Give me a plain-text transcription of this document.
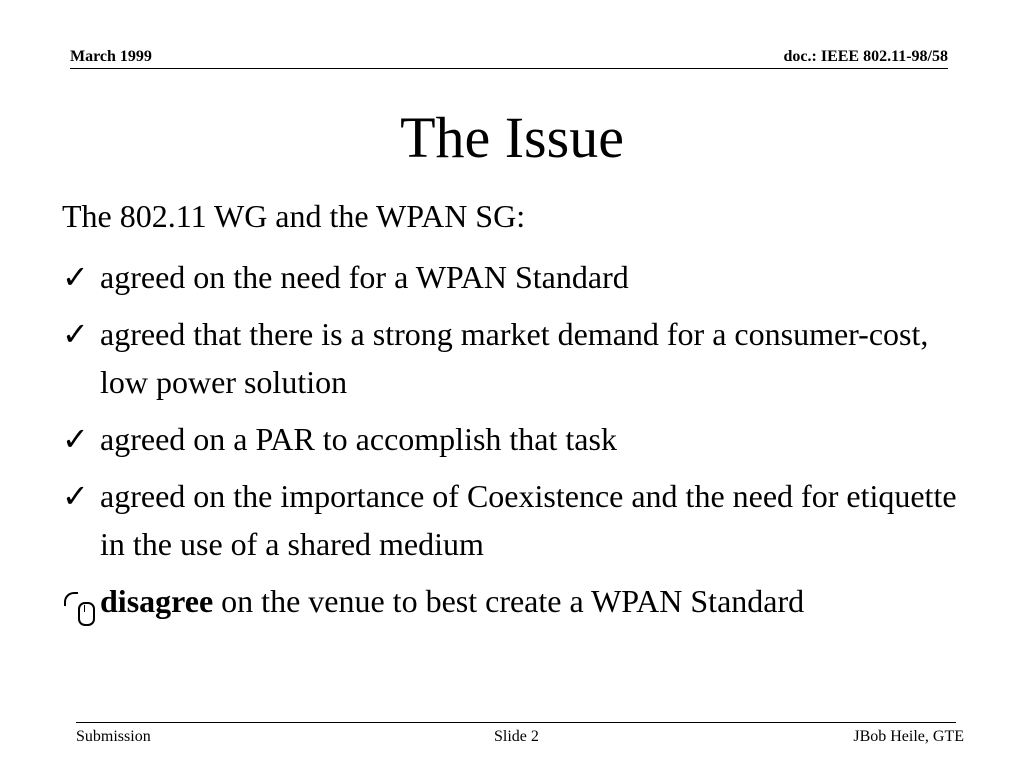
March 1999	doc.: IEEE 802.11-98/58
The Issue
The 802.11 WG and the WPAN SG:
✓ agreed on the need for a WPAN Standard
✓ agreed that there is a strong market demand for a consumer-cost, low power solution
✓ agreed on a PAR to accomplish that task
✓ agreed on the importance of Coexistence and the need for etiquette in the use of a shared medium
disagree on the venue to best create a WPAN Standard
Submission	Slide 2	JBob Heile, GTE
